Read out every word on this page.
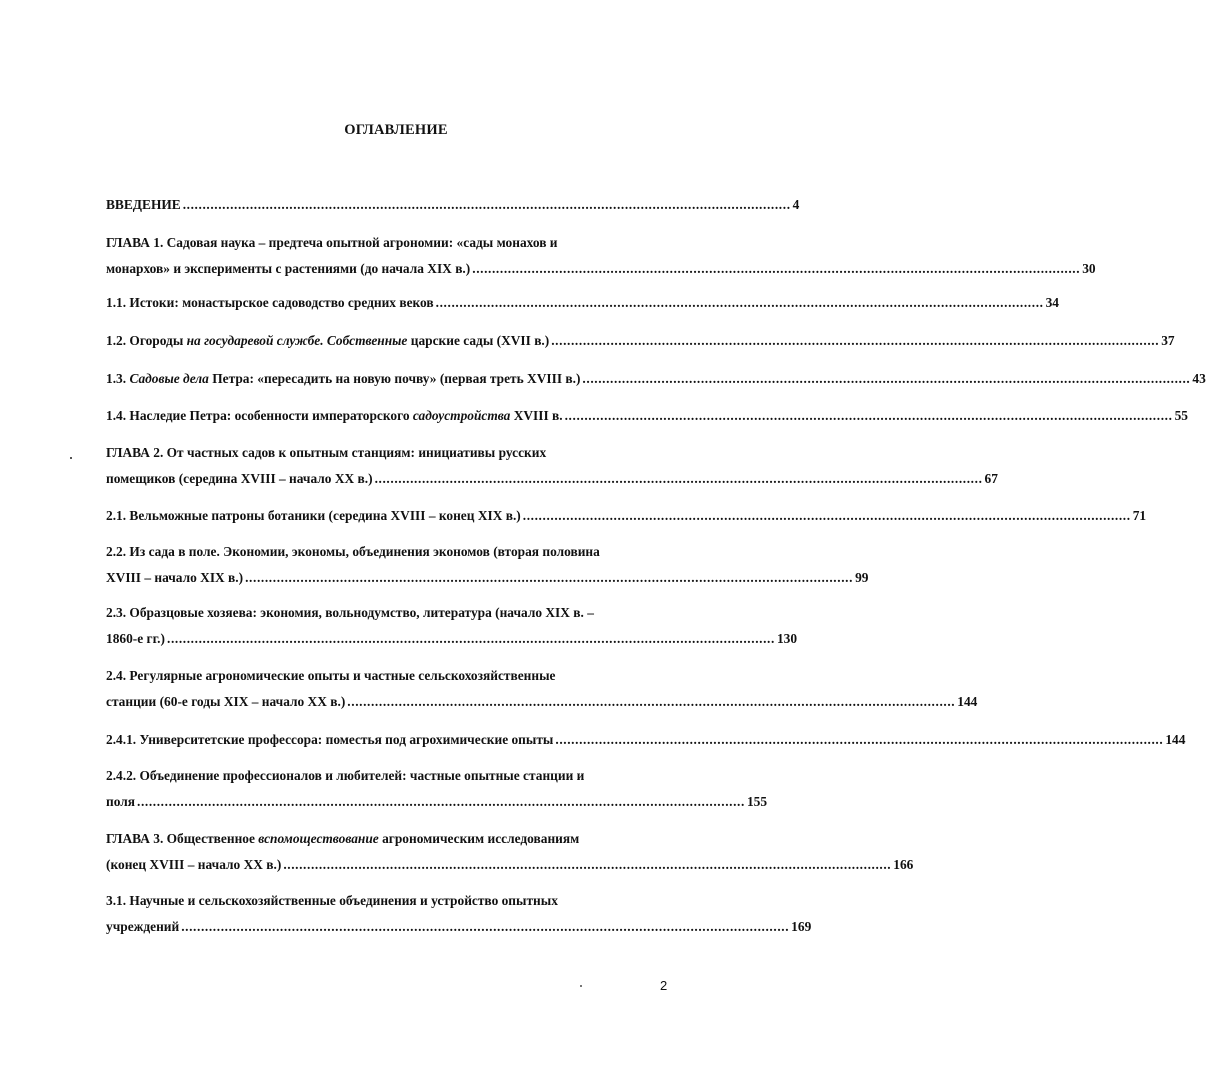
ОГЛАВЛЕНИЕ
ВВЕДЕНИЕ .......................................................................................................................................................... 4
ГЛАВА 1. Садовая наука – предтеча опытной агрономии: «сады монахов и
монархов» и эксперименты с растениями (до начала XIX в.) .......................................................................................................................................................... 30
1.1. Истоки: монастырское садоводство средних веков .......................................................................................................................................................... 34
1.2. Огороды на государевой службе. Собственные царские сады (XVII в.) .......................................................................................................................................................... 37
1.3. Садовые дела Петра: «пересадить на новую почву» (первая треть XVIII в.) .......................................................................................................................................................... 43
1.4. Наследие Петра: особенности императорского садоустройства XVIII в. .......................................................................................................................................................... 55
ГЛАВА 2. От частных садов к опытным станциям: инициативы русских
помещиков (середина XVIII – начало XX в.) .......................................................................................................................................................... 67
2.1. Вельможные патроны ботаники (середина XVIII – конец XIX в.) .......................................................................................................................................................... 71
2.2. Из сада в поле. Экономии, экономы, объединения экономов (вторая половина
XVIII – начало XIX в.) .......................................................................................................................................................... 99
2.3. Образцовые хозяева: экономия, вольнодумство, литература (начало XIX в. –
1860-е гг.) .......................................................................................................................................................... 130
2.4. Регулярные агрономические опыты и частные сельскохозяйственные
станции (60-е годы XIX – начало XX в.) .......................................................................................................................................................... 144
2.4.1. Университетские профессора: поместья под агрохимические опыты .......................................................................................................................................................... 144
2.4.2. Объединение профессионалов и любителей: частные опытные станции и
поля .......................................................................................................................................................... 155
ГЛАВА 3. Общественное вспомоществование агрономическим исследованиям
(конец XVIII – начало XX в.) .......................................................................................................................................................... 166
3.1. Научные и сельскохозяйственные объединения и устройство опытных
учреждений .......................................................................................................................................................... 169
2
